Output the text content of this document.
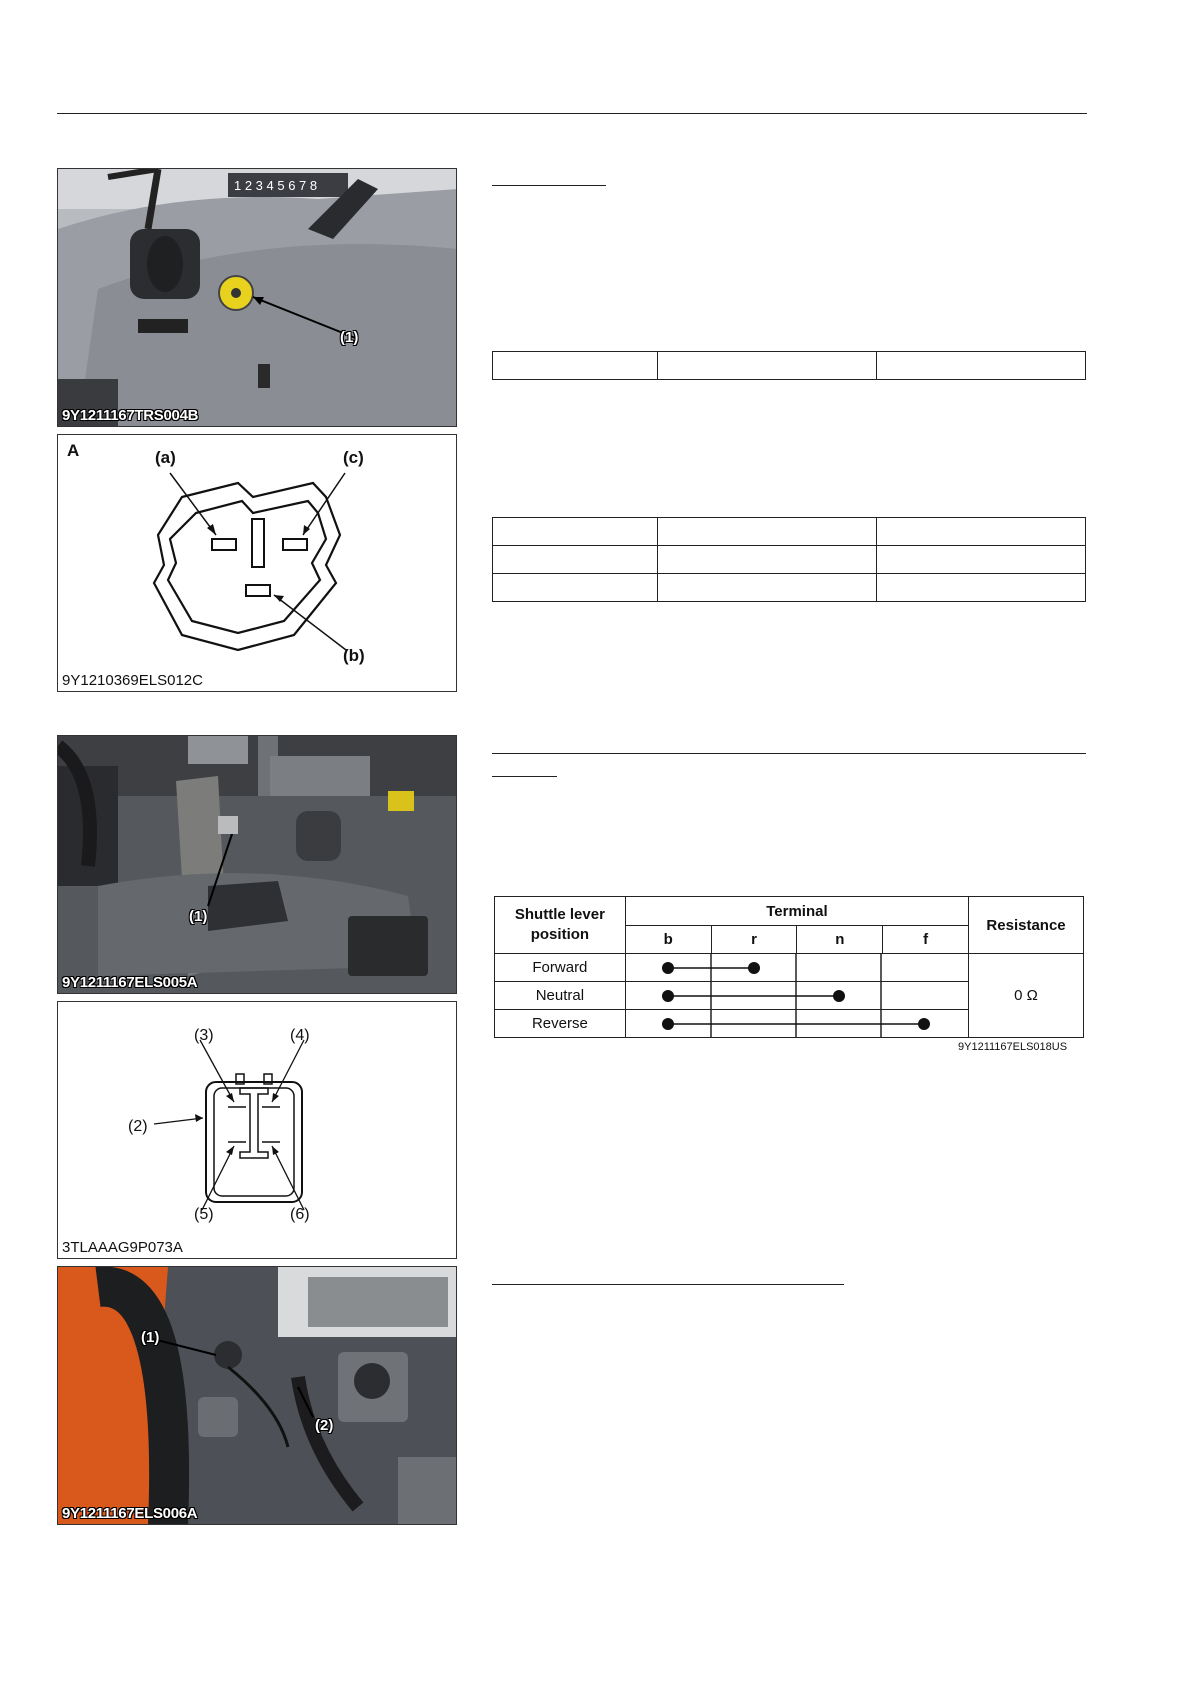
1 2 3 4 5 6 7 8
(1)
9Y1211167TRS004B
A	(a)	(c)
(b)
9Y1210369ELS012C
(1)
9Y1211167ELS005A
(3)	(4)
(2)
(5)	(6)
3TLAAAG9P073A
(1)
(2)
9Y1211167ELS006A

Shuttle lever position	Terminal				Resistance
	b	r	n	f	
Forward					0 Ω
Neutral	

Reverse	
9Y1211167ELS018US
